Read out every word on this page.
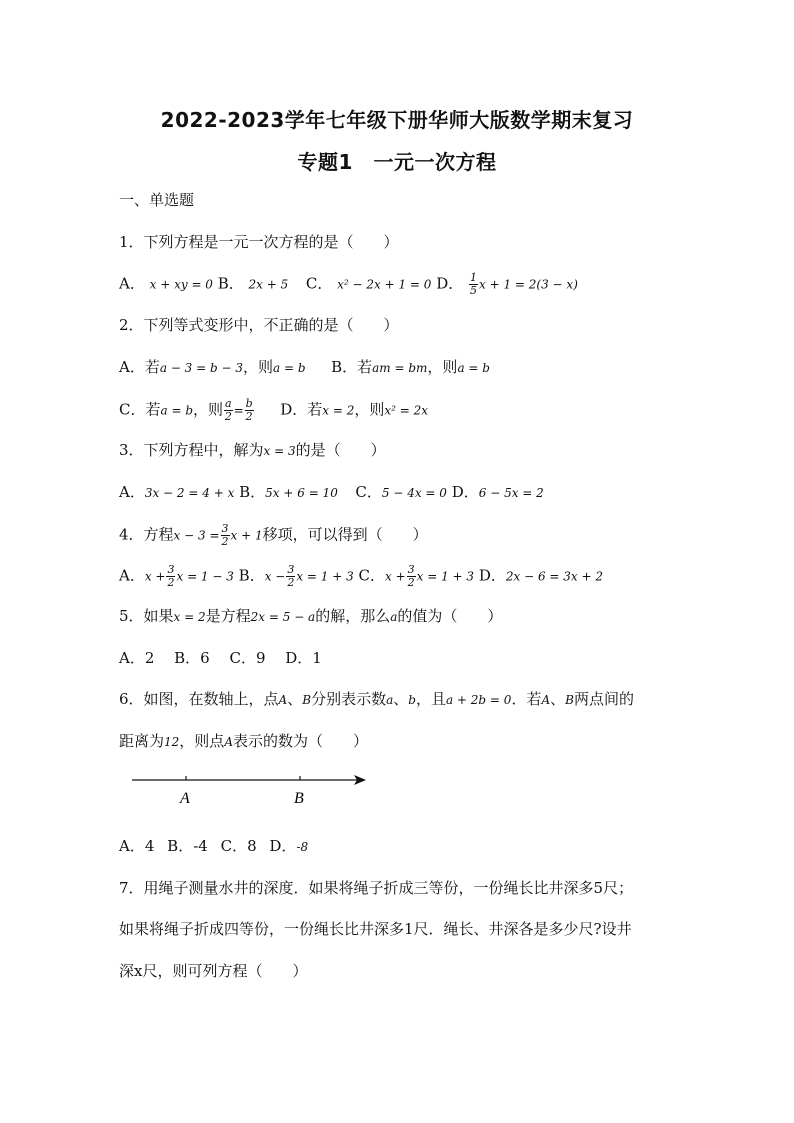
2022-2023学年七年级下册华师大版数学期末复习
专题1　一元一次方程
一、单选题
1．下列方程是一元一次方程的是（　　）
A． x + xy = 0 B． 2x + 5 C． x² − 2x + 1 = 0 D． $\frac{1}{5}$ x + 1 = 2(3 − x)
2．下列等式变形中，不正确的是（　　）
A．若a − 3 = b − 3，则a = b B．若am = bm，则a = b
C．若a = b，则 $\frac{a}{2} = \frac{b}{2}$ D．若x = 2，则x² = 2x
3．下列方程中，解为x = 3的是（　　）
A．3x − 2 = 4 + x B．5x + 6 = 10 C．5 − 4x = 0 D．6 − 5x = 2
4．方程$x - 3 = \frac{3}{2}$ x + 1移项，可以得到（　　）
A．$x + \frac{3}{2}$ x = 1 − 3 B．$x - \frac{3}{2}$ x = 1 + 3 C．$x + \frac{3}{2}$ x = 1 + 3 D．2x − 6 = 3x + 2
5．如果x = 2是方程2x = 5 − a的解，那么a的值为（　　）
A．2　 B．6　 C．9　 D．1
6．如图，在数轴上，点A、B分别表示数a、b，且a + 2b = 0．若A、B两点间的
距离为12，则点A表示的数为（　　）
A	B
A．4 B．-4 C．8 D．-8
7．用绳子测量水井的深度．如果将绳子折成三等份，一份绳长比井深多5尺；
如果将绳子折成四等份，一份绳长比井深多1尺．绳长、井深各是多少尺?设井
深x尺，则可列方程（　　）
